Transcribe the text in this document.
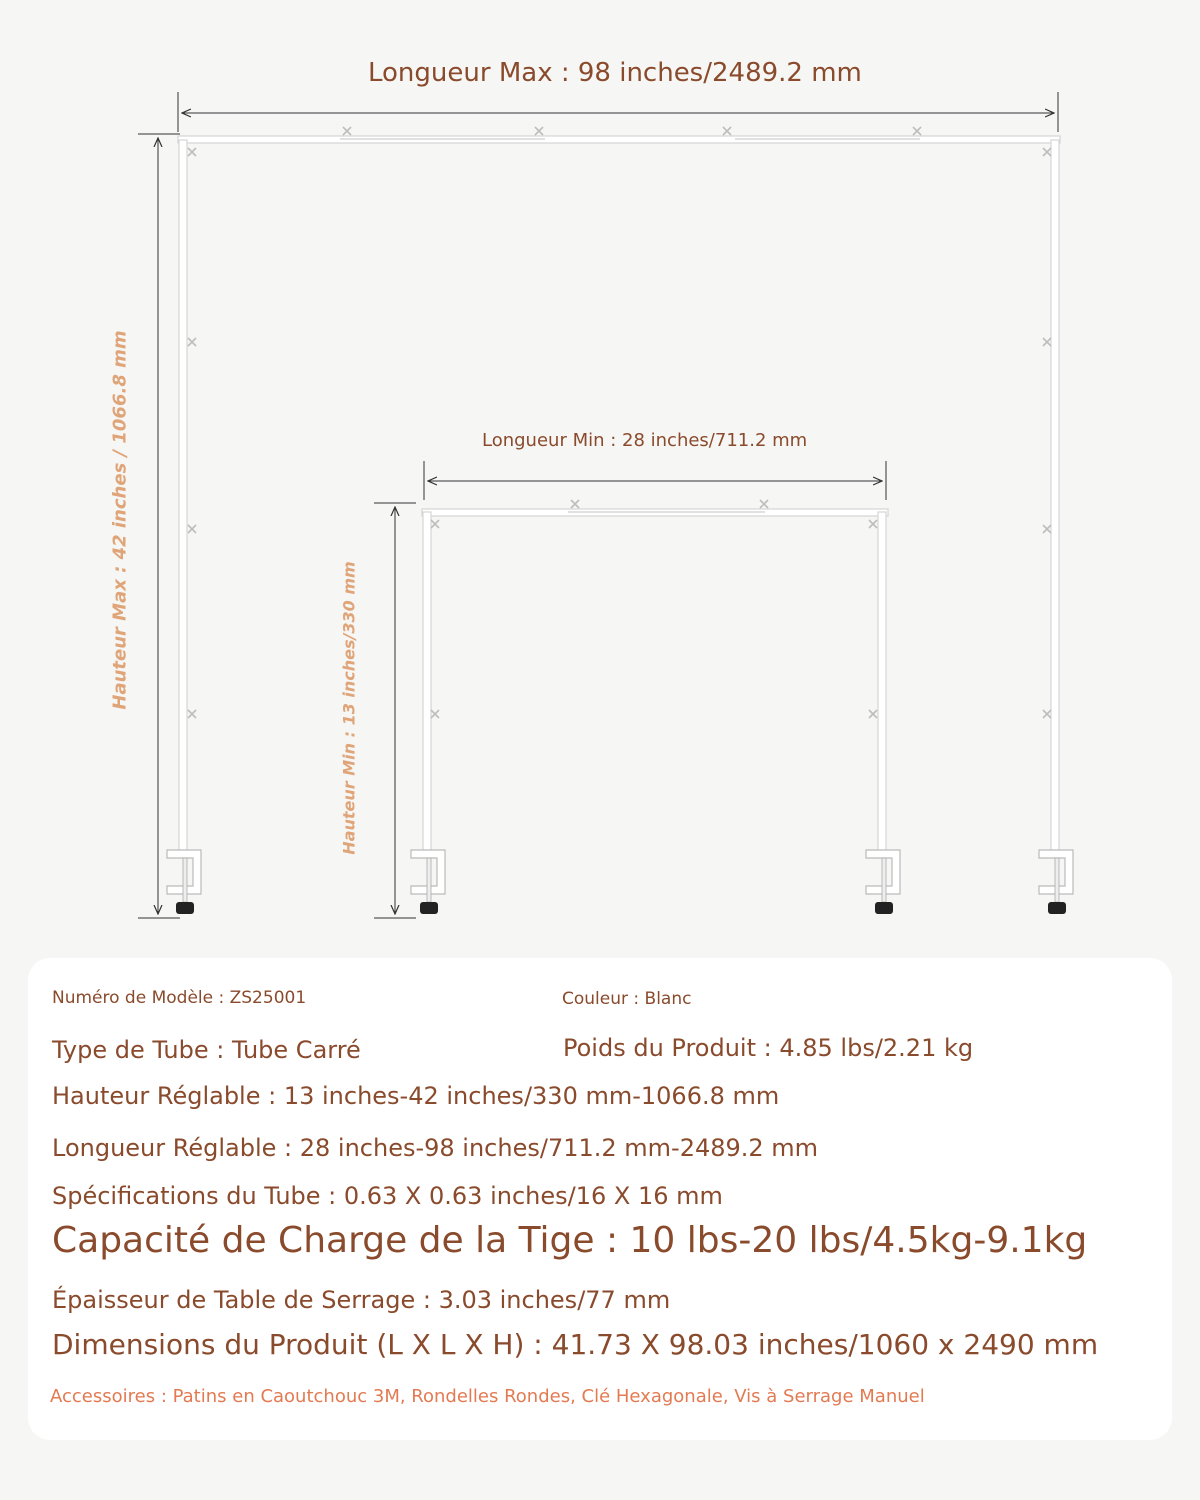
Longueur Max : 98 inches/2489.2 mm
Longueur Min : 28 inches/711.2 mm
Hauteur Max : 42 inches / 1066.8 mm	Hauteur Min : 13 inches/330 mm
Numéro de Modèle : ZS25001	Couleur : Blanc
Type de Tube : Tube Carré	Poids du Produit : 4.85 lbs/2.21 kg
Hauteur Réglable : 13 inches-42 inches/330 mm-1066.8 mm
Longueur Réglable : 28 inches-98 inches/711.2 mm-2489.2 mm
Spécifications du Tube : 0.63 X 0.63 inches/16 X 16 mm
Capacité de Charge de la Tige : 10 lbs-20 lbs/4.5kg-9.1kg
Épaisseur de Table de Serrage : 3.03 inches/77 mm
Dimensions du Produit (L X L X H) : 41.73 X 98.03 inches/1060 x 2490 mm
Accessoires : Patins en Caoutchouc 3M, Rondelles Rondes, Clé Hexagonale, Vis à Serrage Manuel
